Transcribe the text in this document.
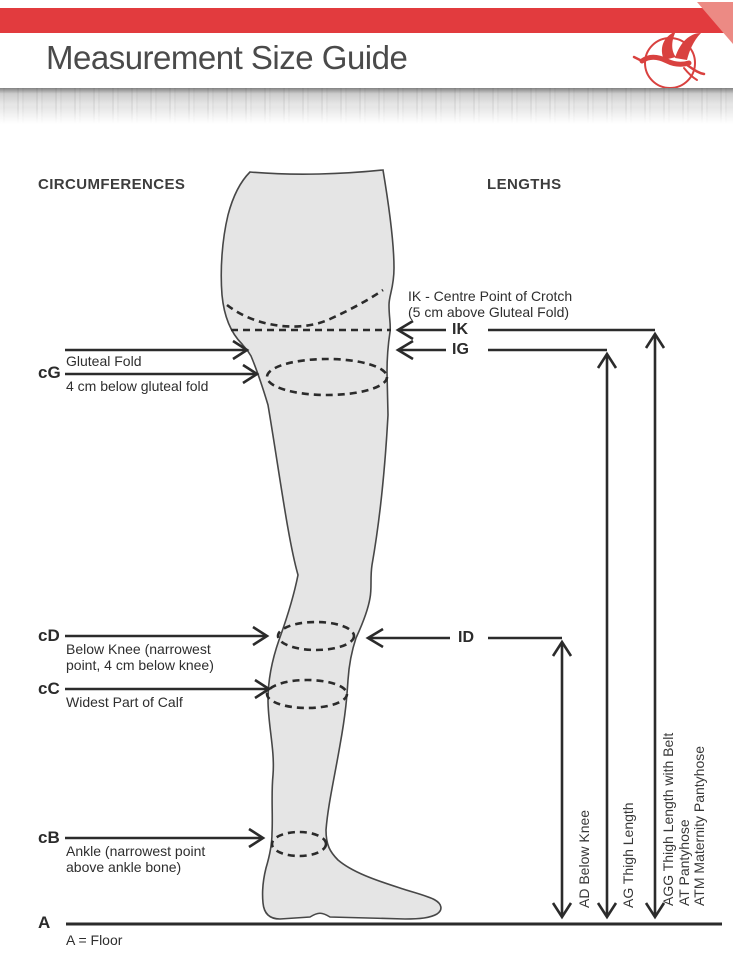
Measurement Size Guide
CIRCUMFERENCES	LENGTHS
IK - Centre Point of Crotch
(5 cm above Gluteal Fold)
IK
IG
ID
cG
Gluteal Fold
4 cm below gluteal fold
cD
Below Knee (narrowest point, 4 cm below knee)
cC
Widest Part of Calf
cB
Ankle (narrowest point above ankle bone)
A
A = Floor
AD Below Knee AG Thigh Length AGG Thigh Length with Belt AT Pantyhose ATM Maternity Pantyhose
